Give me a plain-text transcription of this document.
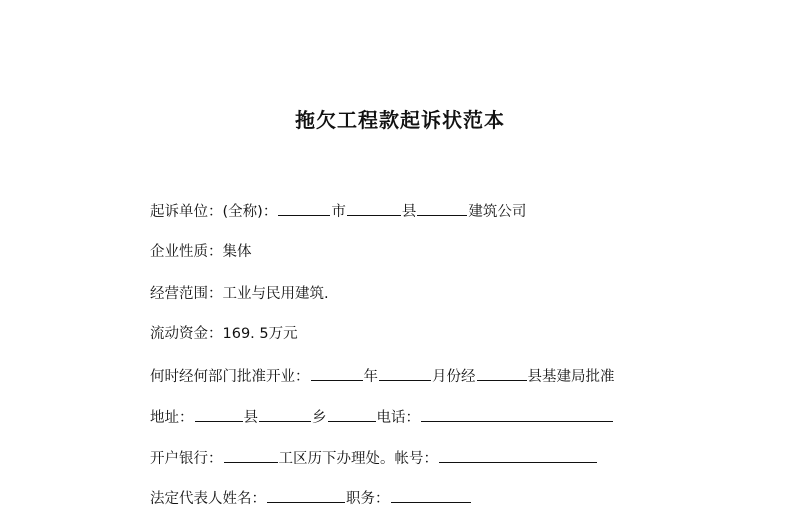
拖欠工程款起诉状范本
起诉单位：(全称)：	市	县	建筑公司
企业性质：集体
经营范围：工业与民用建筑.
流动资金：169. 5万元
何时经何部门批准开业：	年	月份经	县基建局批准
地址：	县	乡	电话：
开户银行：	工区历下办理处。帐号：
法定代表人姓名：	职务：
